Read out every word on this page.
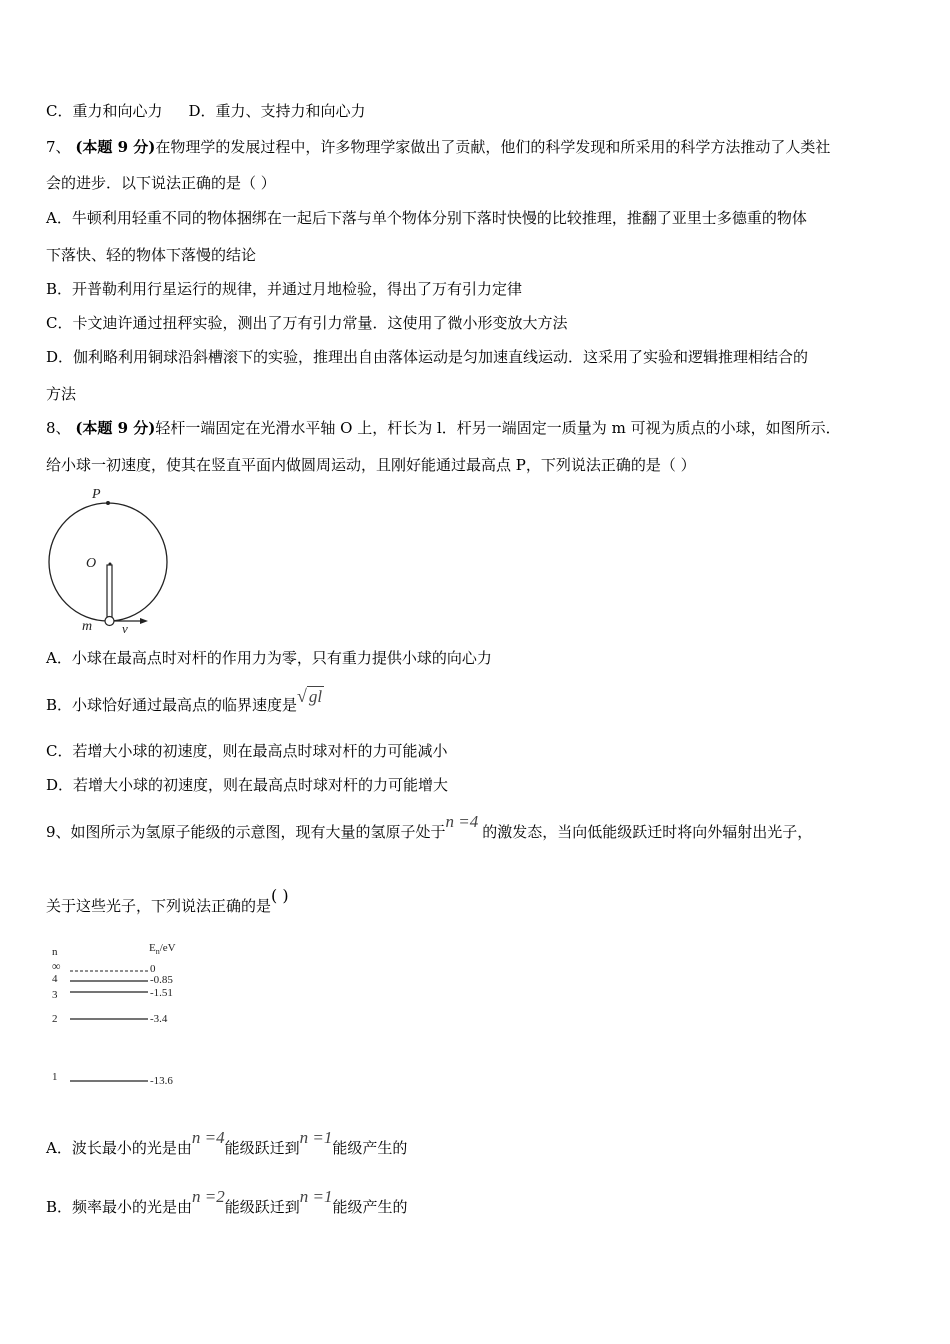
C．重力和向心力 D．重力、支持力和向心力
7、 (本题 9 分)在物理学的发展过程中，许多物理学家做出了贡献，他们的科学发现和所采用的科学方法推动了人类社
会的进步．以下说法正确的是（ ）
A．牛顿利用轻重不同的物体捆绑在一起后下落与单个物体分别下落时快慢的比较推理，推翻了亚里士多德重的物体
下落快、轻的物体下落慢的结论
B．开普勒利用行星运行的规律，并通过月地检验，得出了万有引力定律
C．卡文迪许通过扭秤实验，测出了万有引力常量．这使用了微小形变放大方法
D．伽利略利用铜球沿斜槽滚下的实验，推理出自由落体运动是匀加速直线运动．这采用了实验和逻辑推理相结合的
方法
8、 (本题 9 分)轻杆一端固定在光滑水平轴 O 上，杆长为 l．杆另一端固定一质量为 m 可视为质点的小球，如图所示．
给小球一初速度，使其在竖直平面内做圆周运动，且刚好能通过最高点 P，下列说法正确的是（ ）
P
O
m v
A．小球在最高点时对杆的作用力为零，只有重力提供小球的向心力
B．小球恰好通过最高点的临界速度是√ gl
C．若增大小球的初速度，则在最高点时球对杆的力可能减小
D．若增大小球的初速度，则在最高点时球对杆的力可能增大
9、如图所示为氢原子能级的示意图，现有大量的氢原子处于n =4的激发态，当向低能级跃迁时将向外辐射出光子，
关于这些光子，下列说法正确的是( )
n	$E_n/eV$
∞	0
4	-0.85
3	-1.51
2	-3.4
1	-13.6
A．波长最小的光是由n =4能级跃迁到n =1能级产生的
B．频率最小的光是由n =2能级跃迁到n =1能级产生的
